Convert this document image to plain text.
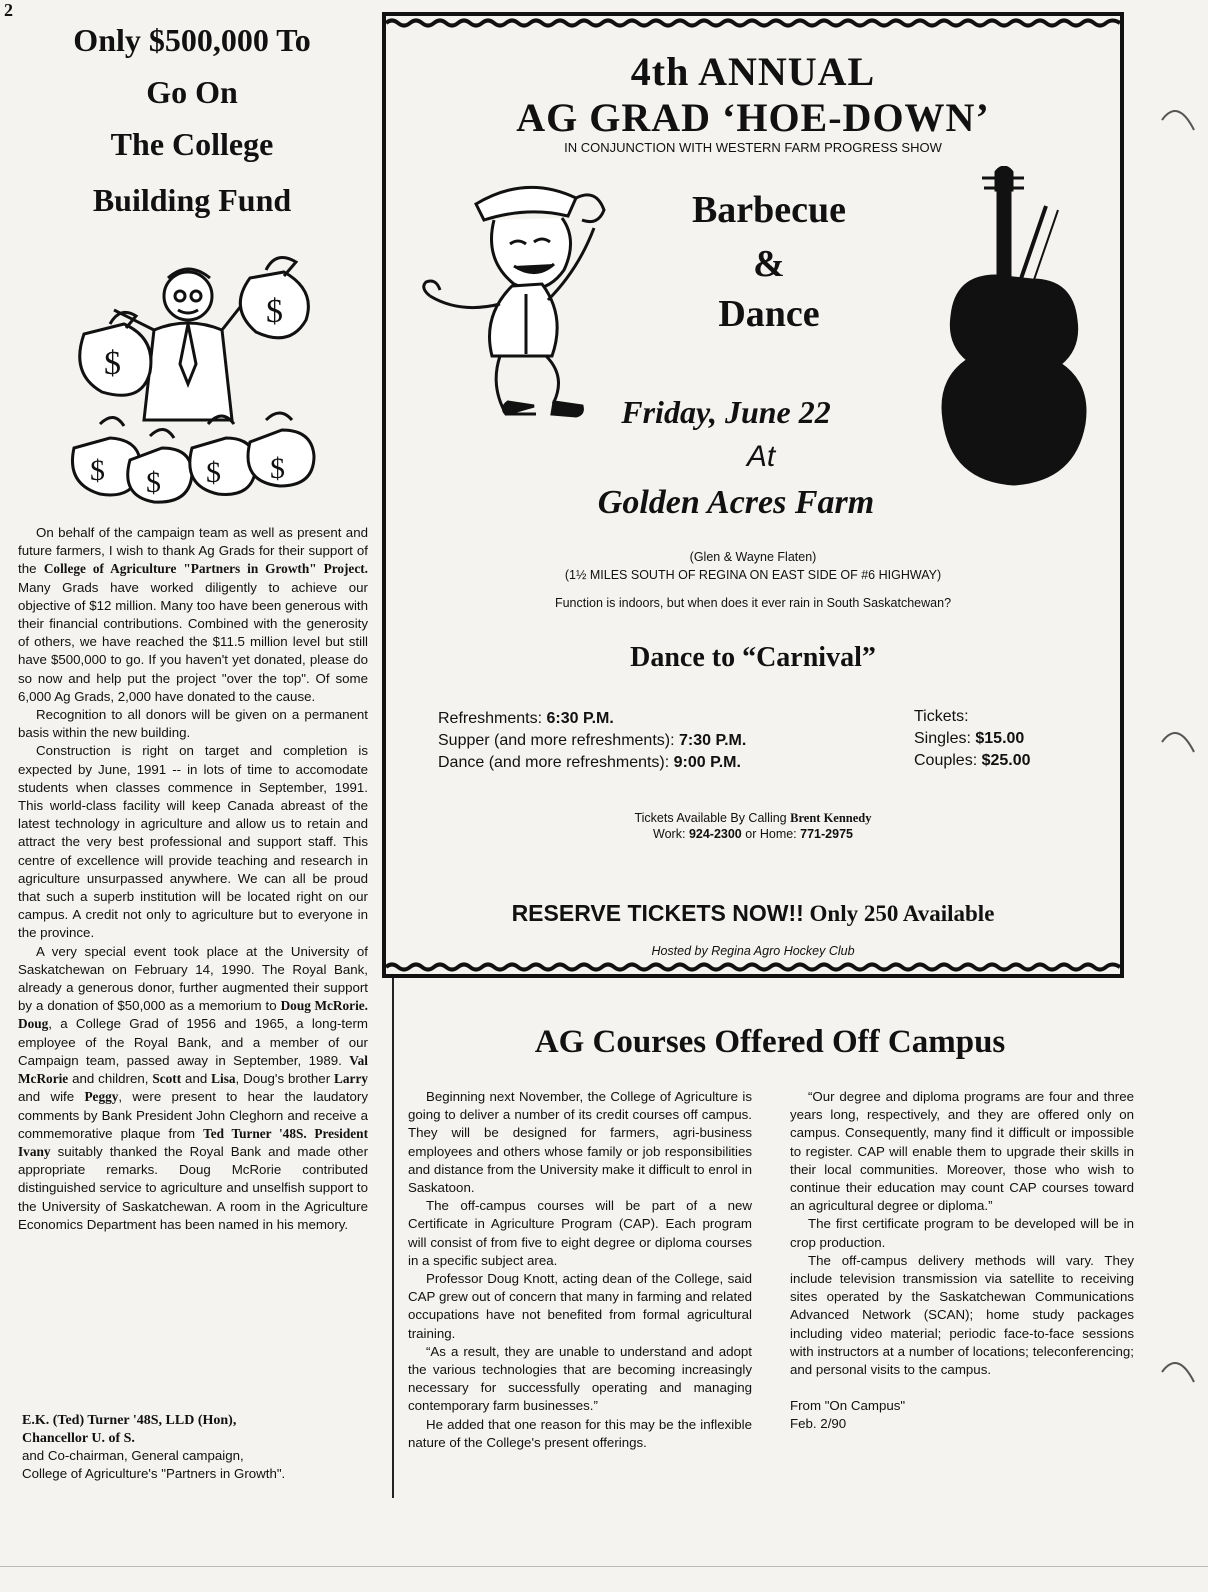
2
Only $500,000 To
Go On
The College
Building Fund
$
$
$ $ $ $

On behalf of the campaign team as well as present and future farmers, I wish to thank Ag Grads for their support of the College of Agriculture "Partners in Growth" Project. Many Grads have worked diligently to achieve our objective of $12 million. Many too have been generous with their financial contributions. Combined with the generosity of others, we have reached the $11.5 million level but still have $500,000 to go. If you haven't yet donated, please do so now and help put the project "over the top". Of some 6,000 Ag Grads, 2,000 have donated to the cause.

Recognition to all donors will be given on a permanent basis within the new building.

Construction is right on target and completion is expected by June, 1991 -- in lots of time to accomodate students when classes commence in September, 1991. This world-class facility will keep Canada abreast of the latest technology in agriculture and allow us to retain and attract the very best professional and support staff. This centre of excellence will provide teaching and research in agriculture unsurpassed anywhere. We can all be proud that such a superb institution will be located right on our campus. A credit not only to agriculture but to everyone in the province.

A very special event took place at the University of Saskatchewan on February 14, 1990. The Royal Bank, already a generous donor, further augmented their support by a donation of $50,000 as a memorium to Doug McRorie. Doug, a College Grad of 1956 and 1965, a long-term employee of the Royal Bank, and a member of our Campaign team, passed away in September, 1989. Val McRorie and children, Scott and Lisa, Doug's brother Larry and wife Peggy, were present to hear the laudatory comments by Bank President John Cleghorn and receive a commemorative plaque from Ted Turner '48S. President Ivany suitably thanked the Royal Bank and made other appropriate remarks. Doug McRorie contributed distinguished service to agriculture and unselfish support to the University of Saskatchewan. A room in the Agriculture Economics Department has been named in his memory.

E.K. (Ted) Turner '48S, LLD (Hon),
Chancellor U. of S.
and Co-chairman, General campaign,
College of Agriculture's "Partners in Growth".
4th ANNUAL
AG GRAD ‘HOE-DOWN’
IN CONJUNCTION WITH WESTERN FARM PROGRESS SHOW
Barbecue
&
Dance
Friday, June 22
At
Golden Acres Farm
(Glen & Wayne Flaten)
(1½ MILES SOUTH OF REGINA ON EAST SIDE OF #6 HIGHWAY)
Function is indoors, but when does it ever rain in South Saskatchewan?
Dance to “Carnival”
Refreshments: 6:30 P.M.
Supper (and more refreshments): 7:30 P.M.
Dance (and more refreshments): 9:00 P.M.
Tickets:
Singles: $15.00
Couples: $25.00
Tickets Available By Calling Brent Kennedy
Work: 924-2300 or Home: 771-2975
RESERVE TICKETS NOW!! Only 250 Available
Hosted by Regina Agro Hockey Club
AG Courses Offered Off Campus

Beginning next November, the College of Agriculture is going to deliver a number of its credit courses off campus. They will be designed for farmers, agri-business employees and others whose family or job responsibilities and distance from the University make it difficult to enrol in Saskatoon.

The off-campus courses will be part of a new Certificate in Agriculture Program (CAP). Each program will consist of from five to eight degree or diploma courses in a specific subject area.

Professor Doug Knott, acting dean of the College, said CAP grew out of concern that many in farming and related occupations have not benefited from formal agricultural training.

“As a result, they are unable to understand and adopt the various technologies that are becoming increasingly necessary for successfully operating and managing contemporary farm businesses.”

He added that one reason for this may be the inflexible nature of the College's present offerings.

“Our degree and diploma programs are four and three years long, respectively, and they are offered only on campus. Consequently, many find it difficult or impossible to register. CAP will enable them to upgrade their skills in their local communities. Moreover, those who wish to continue their education may count CAP courses toward an agricultural degree or diploma.”

The first certificate program to be developed will be in crop production.

The off-campus delivery methods will vary. They include television transmission via satellite to receiving sites operated by the Saskatchewan Communications Advanced Network (SCAN); home study packages including video material; periodic face-to-face sessions with instructors at a number of locations; teleconferencing; and personal visits to the campus.

From "On Campus"

Feb. 2/90
